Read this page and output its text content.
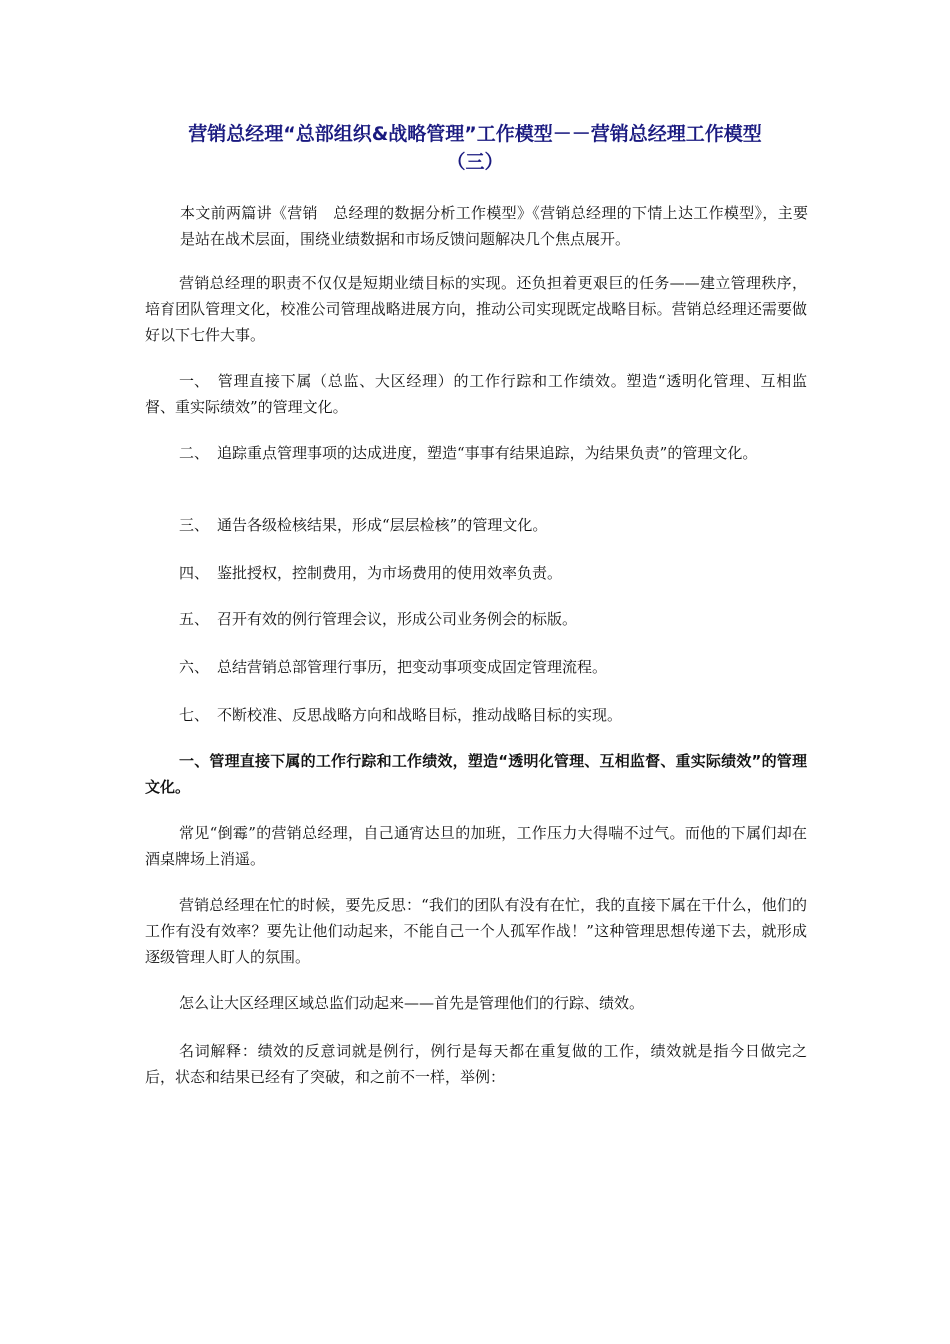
营销总经理“总部组织&战略管理”工作模型－－营销总经理工作模型
（三）

本文前两篇讲《营销　总经理的数据分析工作模型》《营销总经理的下情上达工作模型》，主要是站在战术层面，围绕业绩数据和市场反馈问题解决几个焦点展开。

营销总经理的职责不仅仅是短期业绩目标的实现。还负担着更艰巨的任务——建立管理秩序，培育团队管理文化，校准公司管理战略进展方向，推动公司实现既定战略目标。营销总经理还需要做好以下七件大事。

一、 管理直接下属（总监、大区经理）的工作行踪和工作绩效。塑造“透明化管理、互相监督、重实际绩效”的管理文化。

二、 追踪重点管理事项的达成进度，塑造“事事有结果追踪，为结果负责”的管理文化。

三、 通告各级检核结果，形成“层层检核”的管理文化。

四、 鉴批授权，控制费用，为市场费用的使用效率负责。

五、 召开有效的例行管理会议，形成公司业务例会的标版。

六、 总结营销总部管理行事历，把变动事项变成固定管理流程。

七、 不断校准、反思战略方向和战略目标，推动战略目标的实现。

一、管理直接下属的工作行踪和工作绩效，塑造“透明化管理、互相监督、重实际绩效”的管理文化。

常见“倒霉”的营销总经理，自己通宵达旦的加班，工作压力大得喘不过气。而他的下属们却在酒桌牌场上消遥。

营销总经理在忙的时候，要先反思：“我们的团队有没有在忙，我的直接下属在干什么，他们的工作有没有效率？要先让他们动起来，不能自己一个人孤军作战！”这种管理思想传递下去，就形成逐级管理人盯人的氛围。

怎么让大区经理区域总监们动起来——首先是管理他们的行踪、绩效。

名词解释：绩效的反意词就是例行，例行是每天都在重复做的工作，绩效就是指今日做完之后，状态和结果已经有了突破，和之前不一样，举例：
